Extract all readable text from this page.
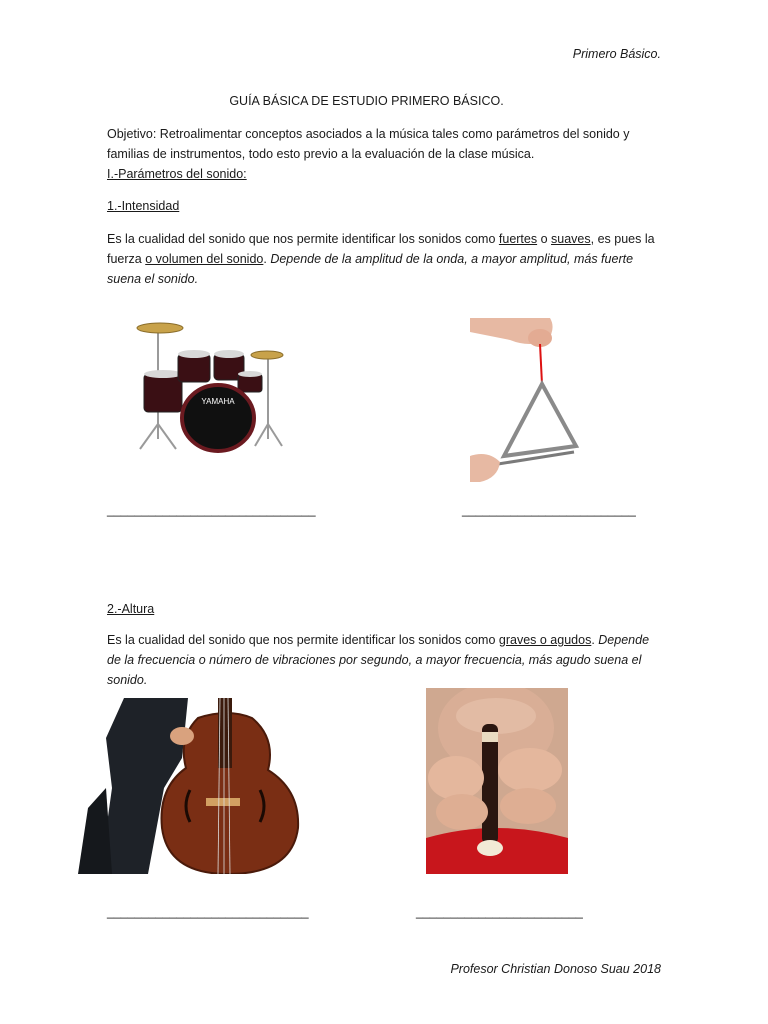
Primero Básico.
GUÍA BÁSICA DE ESTUDIO PRIMERO BÁSICO.
Objetivo: Retroalimentar conceptos asociados a la música tales como parámetros del sonido y
familias de instrumentos, todo esto previo a la evaluación de la clase música.
I.-Parámetros del sonido:
1.-Intensidad
Es la cualidad del sonido que nos permite identificar los sonidos como fuertes o suaves, es pues la
fuerza o volumen del sonido. Depende de la amplitud de la onda, a mayor amplitud, más fuerte
suena el sonido.
YAMAHA
______________________________	_________________________
2.-Altura
Es la cualidad del sonido que nos permite identificar los sonidos como graves o agudos. Depende
de la frecuencia o número de vibraciones por segundo, a mayor frecuencia, más agudo suena el
sonido.
_____________________________	________________________
Profesor Christian Donoso Suau 2018
